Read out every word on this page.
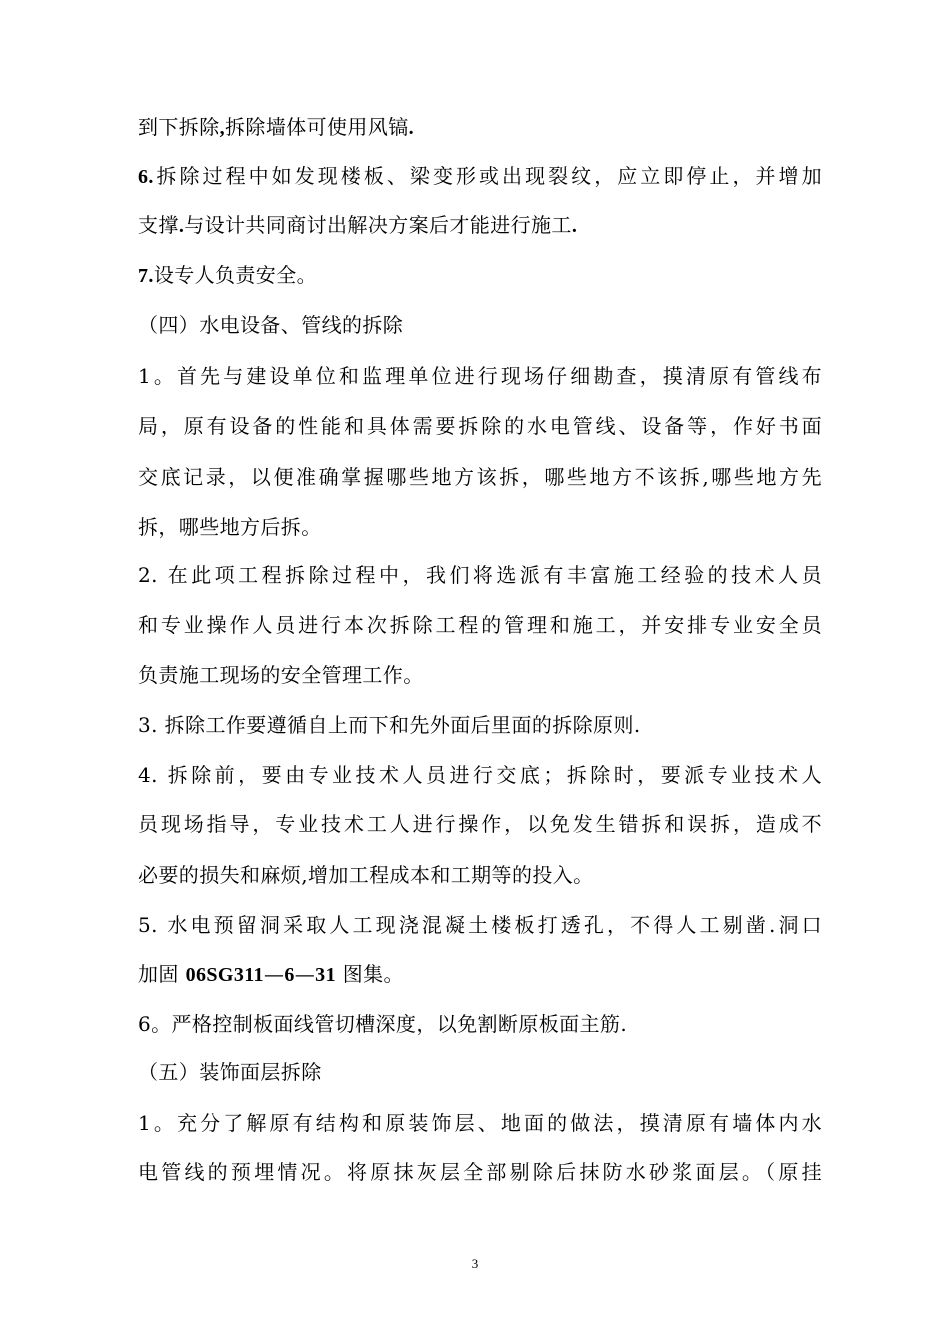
到下拆除,拆除墙体可使用风镐.
6.拆除过程中如发现楼板、梁变形或出现裂纹，应立即停止，并增加
支撑.与设计共同商讨出解决方案后才能进行施工.
7.设专人负责安全。
（四）水电设备、管线的拆除
1。首先与建设单位和监理单位进行现场仔细勘查，摸清原有管线布
局，原有设备的性能和具体需要拆除的水电管线、设备等，作好书面
交底记录，以便准确掌握哪些地方该拆，哪些地方不该拆,哪些地方先
拆，哪些地方后拆。
2. 在此项工程拆除过程中，我们将选派有丰富施工经验的技术人员
和专业操作人员进行本次拆除工程的管理和施工，并安排专业安全员
负责施工现场的安全管理工作。
3. 拆除工作要遵循自上而下和先外面后里面的拆除原则.
4. 拆除前，要由专业技术人员进行交底；拆除时，要派专业技术人
员现场指导，专业技术工人进行操作，以免发生错拆和误拆，造成不
必要的损失和麻烦,增加工程成本和工期等的投入。
5. 水电预留洞采取人工现浇混凝土楼板打透孔，不得人工剔凿.洞口
加固 06SG311—6—31 图集。
6。严格控制板面线管切槽深度，以免割断原板面主筋.
（五）装饰面层拆除
1。充分了解原有结构和原装饰层、地面的做法，摸清原有墙体内水
电管线的预埋情况。将原抹灰层全部剔除后抹防水砂浆面层。（原挂
3
